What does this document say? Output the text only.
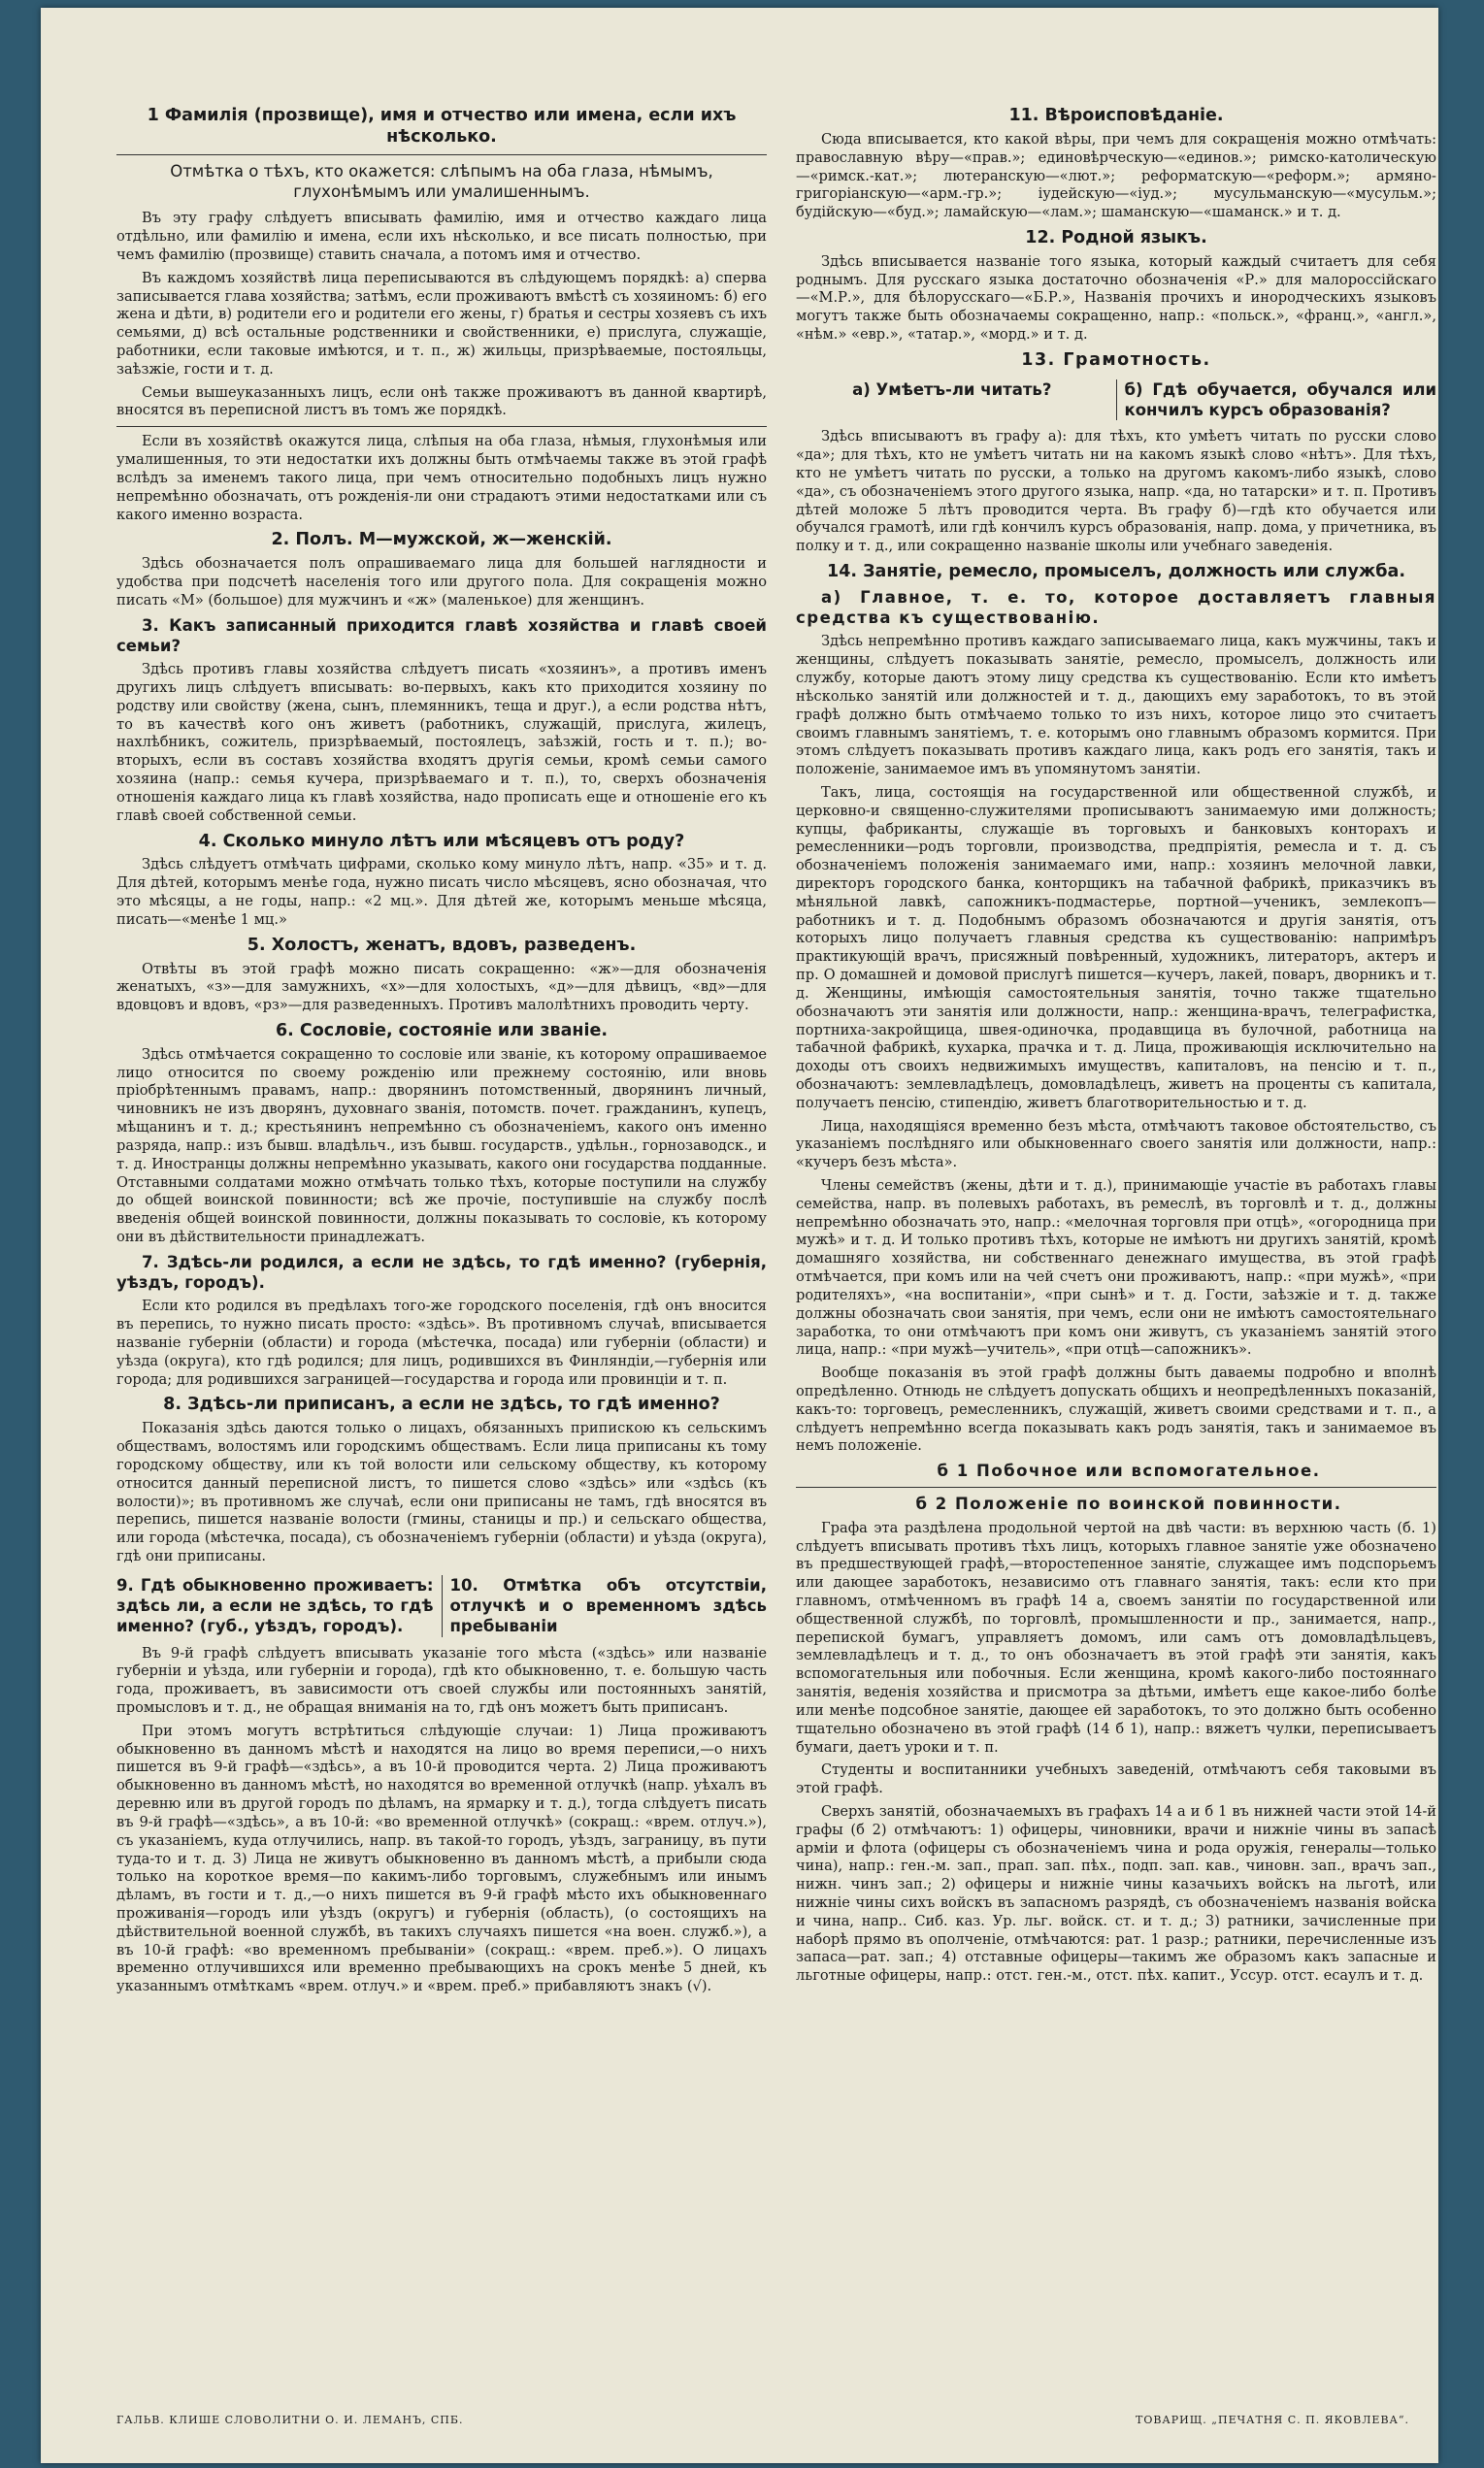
1 Фамилія (прозвище), имя и отчество или имена, если ихъ нѣсколько.
Отмѣтка о тѣхъ, кто окажется: слѣпымъ на оба глаза, нѣмымъ, глухонѣмымъ или умалишеннымъ.

Въ эту графу слѣдуетъ вписывать фамилію, имя и отчество каждаго лица отдѣльно, или фамилію и имена, если ихъ нѣсколько, и все писать полностью, при чемъ фамилію (прозвище) ставить сначала, а потомъ имя и отчество.

Въ каждомъ хозяйствѣ лица переписываются въ слѣдующемъ порядкѣ: а) сперва записывается глава хозяйства; затѣмъ, если проживаютъ вмѣстѣ съ хозяиномъ: б) его жена и дѣти, в) родители его и родители его жены, г) братья и сестры хозяевъ съ ихъ семьями, д) всѣ остальные родственники и свойственники, е) прислуга, служащіе, работники, если таковые имѣются, и т. п., ж) жильцы, призрѣваемые, постояльцы, заѣзжіе, гости и т. д.

Семьи вышеуказанныхъ лицъ, если онѣ также проживаютъ въ данной квартирѣ, вносятся въ переписной листъ въ томъ же порядкѣ.

Если въ хозяйствѣ окажутся лица, слѣпыя на оба глаза, нѣмыя, глухонѣмыя или умалишенныя, то эти недостатки ихъ должны быть отмѣчаемы также въ этой графѣ вслѣдъ за именемъ такого лица, при чемъ относительно подобныхъ лицъ нужно непремѣнно обозначать, отъ рожденія-ли они страдаютъ этими недостатками или съ какого именно возраста.

2. Полъ. М—мужской, ж—женскій.

Здѣсь обозначается полъ опрашиваемаго лица для большей наглядности и удобства при подсчетѣ населенія того или другого пола. Для сокращенія можно писать «М» (большое) для мужчинъ и «ж» (маленькое) для женщинъ.

3. Какъ записанный приходится главѣ хозяйства и главѣ своей семьи?

Здѣсь противъ главы хозяйства слѣдуетъ писать «хозяинъ», а противъ именъ другихъ лицъ слѣдуетъ вписывать: во-первыхъ, какъ кто приходится хозяину по родству или свойству (жена, сынъ, племянникъ, теща и друг.), а если родства нѣтъ, то въ качествѣ кого онъ живетъ (работникъ, служащій, прислуга, жилецъ, нахлѣбникъ, сожитель, призрѣваемый, постоялецъ, заѣзжій, гость и т. п.); во-вторыхъ, если въ составъ хозяйства входятъ другія семьи, кромѣ семьи самого хозяина (напр.: семья кучера, призрѣваемаго и т. п.), то, сверхъ обозначенія отношенія каждаго лица къ главѣ хозяйства, надо прописать еще и отношеніе его къ главѣ своей собственной семьи.

4. Сколько минуло лѣтъ или мѣсяцевъ отъ роду?

Здѣсь слѣдуетъ отмѣчать цифрами, сколько кому минуло лѣтъ, напр. «35» и т. д. Для дѣтей, которымъ менѣе года, нужно писать число мѣсяцевъ, ясно обозначая, что это мѣсяцы, а не годы, напр.: «2 мц.». Для дѣтей же, которымъ меньше мѣсяца, писать—«менѣе 1 мц.»

5. Холостъ, женатъ, вдовъ, разведенъ.

Отвѣты въ этой графѣ можно писать сокращенно: «ж»—для обозначенія женатыхъ, «з»—для замужнихъ, «х»—для холостыхъ, «д»—для дѣвицъ, «вд»—для вдовцовъ и вдовъ, «рз»—для разведенныхъ. Противъ малолѣтнихъ проводить черту.

6. Сословіе, состояніе или званіе.

Здѣсь отмѣчается сокращенно то сословіе или званіе, къ которому опрашиваемое лицо относится по своему рожденію или прежнему состоянію, или вновь пріобрѣтеннымъ правамъ, напр.: дворянинъ потомственный, дворянинъ личный, чиновникъ не изъ дворянъ, духовнаго званія, потомств. почет. гражданинъ, купецъ, мѣщанинъ и т. д.; крестьянинъ непремѣнно съ обозначеніемъ, какого онъ именно разряда, напр.: изъ бывш. владѣльч., изъ бывш. государств., удѣльн., горнозаводск., и т. д. Иностранцы должны непремѣнно указывать, какого они государства подданные. Отставными солдатами можно отмѣчать только тѣхъ, которые поступили на службу до общей воинской повинности; всѣ же прочіе, поступившіе на службу послѣ введенія общей воинской повинности, должны показывать то сословіе, къ которому они въ дѣйствительности принадлежатъ.

7. Здѣсь-ли родился, а если не здѣсь, то гдѣ именно? (губернія, уѣздъ, городъ).

Если кто родился въ предѣлахъ того-же городского поселенія, гдѣ онъ вносится въ перепись, то нужно писать просто: «здѣсь». Въ противномъ случаѣ, вписывается названіе губерніи (области) и города (мѣстечка, посада) или губерніи (области) и уѣзда (округа), кто гдѣ родился; для лицъ, родившихся въ Финляндіи,—губернія или города; для родившихся заграницей—государства и города или провинціи и т. п.

8. Здѣсь-ли приписанъ, а если не здѣсь, то гдѣ именно?

Показанія здѣсь даются только о лицахъ, обязанныхъ припискою къ сельскимъ обществамъ, волостямъ или городскимъ обществамъ. Если лица приписаны къ тому городскому обществу, или къ той волости или сельскому обществу, къ которому относится данный переписной листъ, то пишется слово «здѣсь» или «здѣсь (къ волости)»; въ противномъ же случаѣ, если они приписаны не тамъ, гдѣ вносятся въ перепись, пишется названіе волости (гмины, станицы и пр.) и сельскаго общества, или города (мѣстечка, посада), съ обозначеніемъ губерніи (области) и уѣзда (округа), гдѣ они приписаны.

9. Гдѣ обыкновенно проживаетъ: здѣсь ли, а если не здѣсь, то гдѣ именно? (губ., уѣздъ, городъ).
10. Отмѣтка объ отсутствіи, отлучкѣ и о временномъ здѣсь пребываніи

Въ 9-й графѣ слѣдуетъ вписывать указаніе того мѣста («здѣсь» или названіе губерніи и уѣзда, или губерніи и города), гдѣ кто обыкновенно, т. е. большую часть года, проживаетъ, въ зависимости отъ своей службы или постоянныхъ занятій, промысловъ и т. д., не обращая вниманія на то, гдѣ онъ можетъ быть приписанъ.

При этомъ могутъ встрѣтиться слѣдующіе случаи: 1) Лица проживаютъ обыкновенно въ данномъ мѣстѣ и находятся на лицо во время переписи,—о нихъ пишется въ 9-й графѣ—«здѣсь», а въ 10-й проводится черта. 2) Лица проживаютъ обыкновенно въ данномъ мѣстѣ, но находятся во временной отлучкѣ (напр. уѣхалъ въ деревню или въ другой городъ по дѣламъ, на ярмарку и т. д.), тогда слѣдуетъ писать въ 9-й графѣ—«здѣсь», а въ 10-й: «во временной отлучкѣ» (сокращ.: «врем. отлуч.»), съ указаніемъ, куда отлучились, напр. въ такой-то городъ, уѣздъ, заграницу, въ пути туда-то и т. д. 3) Лица не живутъ обыкновенно въ данномъ мѣстѣ, а прибыли сюда только на короткое время—по какимъ-либо торговымъ, служебнымъ или инымъ дѣламъ, въ гости и т. д.,—о нихъ пишется въ 9-й графѣ мѣсто ихъ обыкновеннаго проживанія—городъ или уѣздъ (округъ) и губернія (область), (о состоящихъ на дѣйствительной военной службѣ, въ такихъ случаяхъ пишется «на воен. служб.»), а въ 10-й графѣ: «во временномъ пребываніи» (сокращ.: «врем. преб.»). О лицахъ временно отлучившихся или временно пребывающихъ на срокъ менѣе 5 дней, къ указаннымъ отмѣткамъ «врем. отлуч.» и «врем. преб.» прибавляютъ знакъ (√).

11. Вѣроисповѣданіе.

Сюда вписывается, кто какой вѣры, при чемъ для сокращенія можно отмѣчать: православную вѣру—«прав.»; единовѣрческую—«единов.»; римско-католическую—«римск.-кат.»; лютеранскую—«лют.»; реформатскую—«реформ.»; армяно-григоріанскую—«арм.-гр.»; іудейскую—«іуд.»; мусульманскую—«мусульм.»; будійскую—«буд.»; ламайскую—«лам.»; шаманскую—«шаманск.» и т. д.

12. Родной языкъ.

Здѣсь вписывается названіе того языка, который каждый считаетъ для себя роднымъ. Для русскаго языка достаточно обозначенія «Р.» для малороссійскаго—«М.Р.», для бѣлорусскаго—«Б.Р.», Названія прочихъ и инородческихъ языковъ могутъ также быть обозначаемы сокращенно, напр.: «польск.», «франц.», «англ.», «нѣм.» «евр.», «татар.», «морд.» и т. д.

13. Грамотность.
а) Умѣетъ-ли читать?	б) Гдѣ обучается, обучался или кончилъ курсъ образованія?

Здѣсь вписываютъ въ графу а): для тѣхъ, кто умѣетъ читать по русски слово «да»; для тѣхъ, кто не умѣетъ читать ни на какомъ языкѣ слово «нѣтъ». Для тѣхъ, кто не умѣетъ читать по русски, а только на другомъ какомъ-либо языкѣ, слово «да», съ обозначеніемъ этого другого языка, напр. «да, но татарски» и т. п. Противъ дѣтей моложе 5 лѣтъ проводится черта. Въ графу б)—гдѣ кто обучается или обучался грамотѣ, или гдѣ кончилъ курсъ образованія, напр. дома, у причетника, въ полку и т. д., или сокращенно названіе школы или учебнаго заведенія.

14. Занятіе, ремесло, промыселъ, должность или служба.

а) Главное, т. е. то, которое доставляетъ главныя средства къ существованію.

Здѣсь непремѣнно противъ каждаго записываемаго лица, какъ мужчины, такъ и женщины, слѣдуетъ показывать занятіе, ремесло, промыселъ, должность или службу, которые даютъ этому лицу средства къ существованію. Если кто имѣетъ нѣсколько занятій или должностей и т. д., дающихъ ему заработокъ, то въ этой графѣ должно быть отмѣчаемо только то изъ нихъ, которое лицо это считаетъ своимъ главнымъ занятіемъ, т. е. которымъ оно главнымъ образомъ кормится. При этомъ слѣдуетъ показывать противъ каждаго лица, какъ родъ его занятія, такъ и положеніе, занимаемое имъ въ упомянутомъ занятіи.

Такъ, лица, состоящія на государственной или общественной службѣ, и церковно-и священно-служителями прописываютъ занимаемую ими должность; купцы, фабриканты, служащіе въ торговыхъ и банковыхъ конторахъ и ремесленники—родъ торговли, производства, предпріятія, ремесла и т. д. съ обозначеніемъ положенія занимаемаго ими, напр.: хозяинъ мелочной лавки, директоръ городского банка, конторщикъ на табачной фабрикѣ, приказчикъ въ мѣняльной лавкѣ, сапожникъ-подмастерье, портной—ученикъ, землекопъ—работникъ и т. д. Подобнымъ образомъ обозначаются и другія занятія, отъ которыхъ лицо получаетъ главныя средства къ существованію: напримѣръ практикующій врачъ, присяжный повѣренный, художникъ, литераторъ, актеръ и пр. О домашней и домовой прислугѣ пишется—кучеръ, лакей, поваръ, дворникъ и т. д. Женщины, имѣющія самостоятельныя занятія, точно также тщательно обозначаютъ эти занятія или должности, напр.: женщина-врачъ, телеграфистка, портниха-закройщица, швея-одиночка, продавщица въ булочной, работница на табачной фабрикѣ, кухарка, прачка и т. д. Лица, проживающія исключительно на доходы отъ своихъ недвижимыхъ имуществъ, капиталовъ, на пенсію и т. п., обозначаютъ: землевладѣлецъ, домовладѣлецъ, живетъ на проценты съ капитала, получаетъ пенсію, стипендію, живетъ благотворительностью и т. д.

Лица, находящіяся временно безъ мѣста, отмѣчаютъ таковое обстоятельство, съ указаніемъ послѣдняго или обыкновеннаго своего занятія или должности, напр.: «кучеръ безъ мѣста».

Члены семействъ (жены, дѣти и т. д.), принимающіе участіе въ работахъ главы семейства, напр. въ полевыхъ работахъ, въ ремеслѣ, въ торговлѣ и т. д., должны непремѣнно обозначать это, напр.: «мелочная торговля при отцѣ», «огородница при мужѣ» и т. д. И только противъ тѣхъ, которые не имѣютъ ни другихъ занятій, кромѣ домашняго хозяйства, ни собственнаго денежнаго имущества, въ этой графѣ отмѣчается, при комъ или на чей счетъ они проживаютъ, напр.: «при мужѣ», «при родителяхъ», «на воспитаніи», «при сынѣ» и т. д. Гости, заѣзжіе и т. д. также должны обозначать свои занятія, при чемъ, если они не имѣютъ самостоятельнаго заработка, то они отмѣчаютъ при комъ они живутъ, съ указаніемъ занятій этого лица, напр.: «при мужѣ—учитель», «при отцѣ—сапожникъ».

Вообще показанія въ этой графѣ должны быть даваемы подробно и вполнѣ опредѣленно. Отнюдь не слѣдуетъ допускать общихъ и неопредѣленныхъ показаній, какъ-то: торговецъ, ремесленникъ, служащій, живетъ своими средствами и т. п., а слѣдуетъ непремѣнно всегда показывать какъ родъ занятія, такъ и занимаемое въ немъ положеніе.

б 1 Побочное или вспомогательное.

б 2 Положеніе по воинской повинности.

Графа эта раздѣлена продольной чертой на двѣ части: въ верхнюю часть (б. 1) слѣдуетъ вписывать противъ тѣхъ лицъ, которыхъ главное занятіе уже обозначено въ предшествующей графѣ,—второстепенное занятіе, служащее имъ подспорьемъ или дающее заработокъ, независимо отъ главнаго занятія, такъ: если кто при главномъ, отмѣченномъ въ графѣ 14 а, своемъ занятіи по государственной или общественной службѣ, по торговлѣ, промышленности и пр., занимается, напр., перепиской бумагъ, управляетъ домомъ, или самъ отъ домовладѣльцевъ, землевладѣлецъ и т. д., то онъ обозначаетъ въ этой графѣ эти занятія, какъ вспомогательныя или побочныя. Если женщина, кромѣ какого-либо постояннаго занятія, веденія хозяйства и присмотра за дѣтьми, имѣетъ еще какое-либо болѣе или менѣе подсобное занятіе, дающее ей заработокъ, то это должно быть особенно тщательно обозначено въ этой графѣ (14 б 1), напр.: вяжетъ чулки, переписываетъ бумаги, даетъ уроки и т. п.

Студенты и воспитанники учебныхъ заведеній, отмѣчаютъ себя таковыми въ этой графѣ.

Сверхъ занятій, обозначаемыхъ въ графахъ 14 а и б 1 въ нижней части этой 14-й графы (б 2) отмѣчаютъ: 1) офицеры, чиновники, врачи и нижніе чины въ запасѣ арміи и флота (офицеры съ обозначеніемъ чина и рода оружія, генералы—только чина), напр.: ген.-м. зап., прап. зап. пѣх., подп. зап. кав., чиновн. зап., врачъ зап., нижн. чинъ зап.; 2) офицеры и нижніе чины казачьихъ войскъ на льготѣ, или нижніе чины сихъ войскъ въ запасномъ разрядѣ, съ обозначеніемъ названія войска и чина, напр.. Сиб. каз. Ур. льг. войск. ст. и т. д.; 3) ратники, зачисленные при наборѣ прямо въ ополченіе, отмѣчаются: рат. 1 разр.; ратники, перечисленные изъ запаса—рат. зап.; 4) отставные офицеры—такимъ же образомъ какъ запасные и льготные офицеры, напр.: отст. ген.-м., отст. пѣх. капит., Уссур. отст. есаулъ и т. д.

ГАЛЬВ. КЛИШЕ СЛОВОЛИТНИ О. И. ЛЕМАНЪ, СПБ.	ТОВАРИЩ. „ПЕЧАТНЯ С. П. ЯКОВЛЕВА“.
